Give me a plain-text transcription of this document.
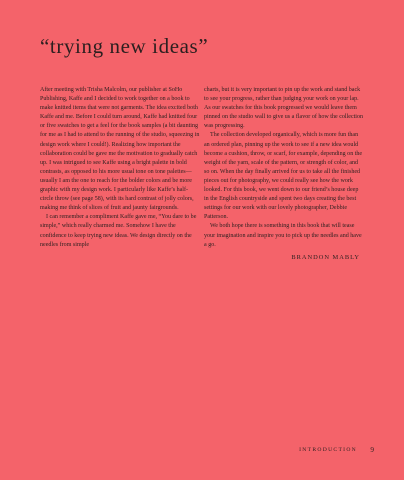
“trying new ideas”

After meeting with Trisha Malcolm, our publisher at SoHo Publishing, Kaffe and I decided to work together on a book to make knitted items that were not garments. The idea excited both Kaffe and me. Before I could turn around, Kaffe had knitted four or five swatches to get a feel for the book samples (a bit daunting for me as I had to attend to the running of the studio, squeezing in design work where I could!). Realizing how important the collaboration could be gave me the motivation to gradually catch up. I was intrigued to see Kaffe using a bright palette in bold contrasts, as opposed to his more usual tone on tone palettes—usually I am the one to reach for the bolder colors and be more graphic with my design work. I particularly like Kaffe’s half-circle throw (see page 58), with its hard contrast of jolly colors, making me think of slices of fruit and jaunty fairgrounds.

I can remember a compliment Kaffe gave me, “You dare to be simple,” which really charmed me. Somehow I have the confidence to keep trying new ideas. We design directly on the needles from simple

charts, but it is very important to pin up the work and stand back to see your progress, rather than judging your work on your lap. As our swatches for this book progressed we would leave them pinned on the studio wall to give us a flavor of how the collection was progressing.

The collection developed organically, which is more fun than an ordered plan, pinning up the work to see if a new idea would become a cushion, throw, or scarf, for example, depending on the weight of the yarn, scale of the pattern, or strength of color, and so on. When the day finally arrived for us to take all the finished pieces out for photography, we could really see how the work looked. For this book, we went down to our friend’s house deep in the English countryside and spent two days creating the best settings for our work with our lovely photographer, Debbie Patterson.

We both hope there is something in this book that will tease your imagination and inspire you to pick up the needles and have a go.

BRANDON MABLY
INTRODUCTION 9
